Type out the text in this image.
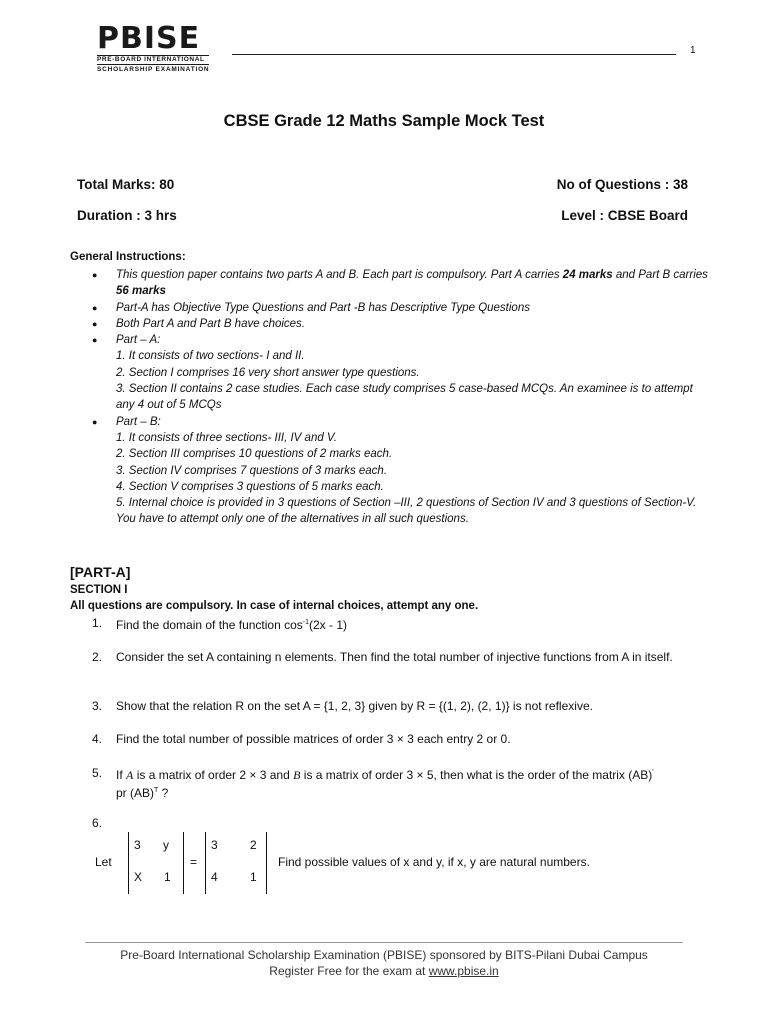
PBISE
PRE-BOARD INTERNATIONAL
SCHOLARSHIP EXAMINATION
1
CBSE Grade 12 Maths Sample Mock Test
Total Marks: 80	No of Questions : 38
Duration : 3 hrs	Level : CBSE Board
General Instructions:
● This question paper contains two parts A and B. Each part is compulsory. Part A carries 24 marks and Part B carries 56 marks
● Part-A has Objective Type Questions and Part -B has Descriptive Type Questions
● Both Part A and Part B have choices.
● Part – A:
1. It consists of two sections- I and II.
2. Section I comprises 16 very short answer type questions.
3. Section II contains 2 case studies. Each case study comprises 5 case-based MCQs. An examinee is to attempt any 4 out of 5 MCQs
● Part – B:
1. It consists of three sections- III, IV and V.
2. Section III comprises 10 questions of 2 marks each.
3. Section IV comprises 7 questions of 3 marks each.
4. Section V comprises 3 questions of 5 marks each.
5. Internal choice is provided in 3 questions of Section –III, 2 questions of Section IV and 3 questions of Section-V. You have to attempt only one of the alternatives in all such questions.
[PART-A]
SECTION I
All questions are compulsory. In case of internal choices, attempt any one.
1.	Find the domain of the function $\cos^{-1}(2x - 1)$
2.	Consider the set A containing n elements. Then find the total number of injective functions from A in itself.
3.	Show that the relation R on the set A = {1, 2, 3} given by R = {(1, 2), (2, 1)} is not reflexive.
4.	Find the total number of possible matrices of order 3 × 3 each entry 2 or 0.
5.	If A is a matrix of order 2 × 3 and B is a matrix of order 3 × 5, then what is the order of the matrix (AB)'
pr (AB)$^T$ ?
6.
Let
3 y
X 1
=
3	2
4	1
Find possible values of x and y, if x, y are natural numbers.
Pre-Board International Scholarship Examination (PBISE) sponsored by BITS-Pilani Dubai Campus
Register Free for the exam at www.pbise.in
